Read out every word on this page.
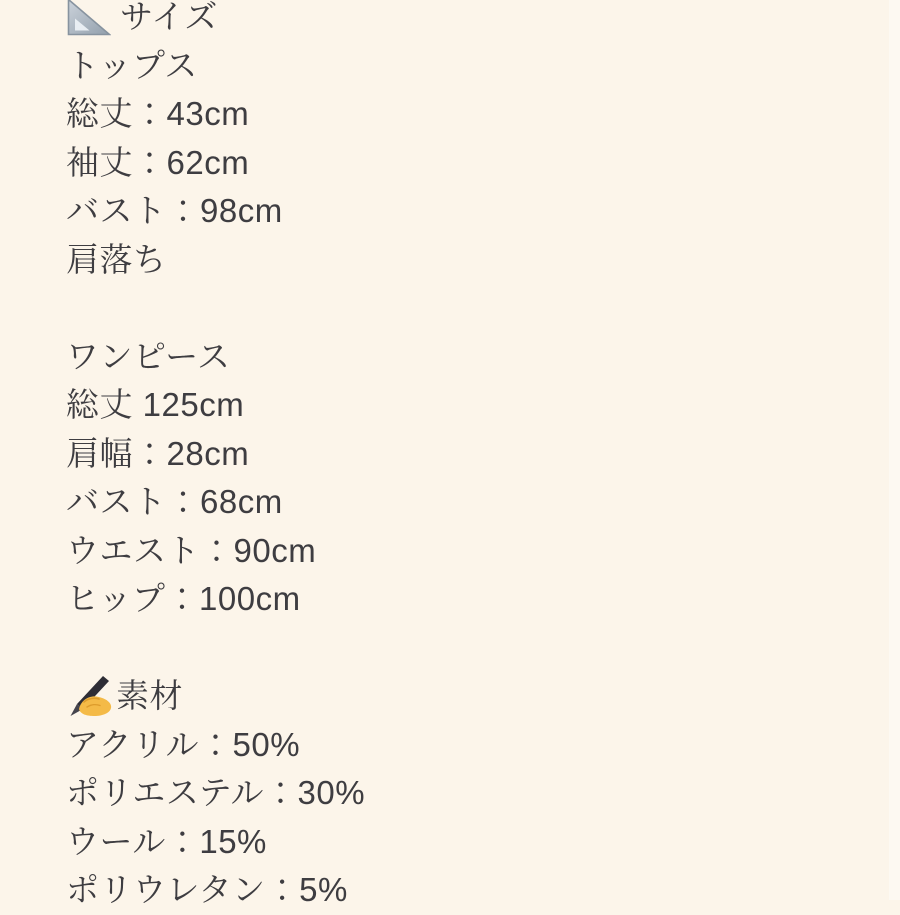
サイズ
トップス
総丈：43cm
袖丈：62cm
バスト：98cm
肩落ち
ワンピース
総丈 125cm
肩幅：28cm
バスト：68cm
ウエスト：90cm
ヒップ：100cm
素材
アクリル：50%
ポリエステル：30%
ウール：15%
ポリウレタン：5%
